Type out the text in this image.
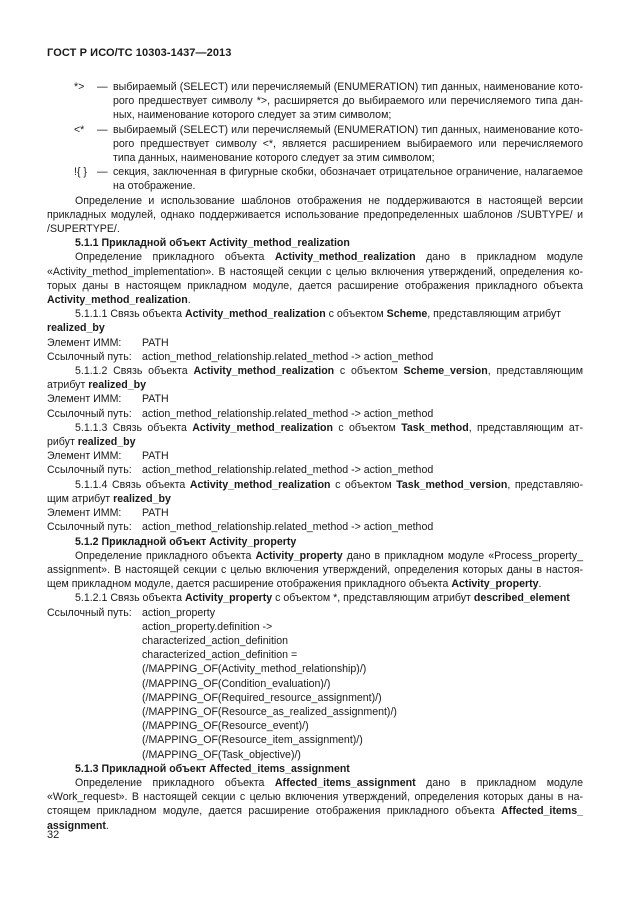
ГОСТ Р ИСО/ТС 10303-1437—2013
*> — выбираемый (SELECT) или перечисляемый (ENUMERATION) тип данных, наименование кото-рого предшествует символу *>, расширяется до выбираемого или перечисляемого типа дан-ных, наименование которого следует за этим символом;
<* — выбираемый (SELECT) или перечисляемый (ENUMERATION) тип данных, наименование кото-рого предшествует символу <*, является расширением выбираемого или перечисляемого типа данных, наименование которого следует за этим символом;
!{ } — секция, заключенная в фигурные скобки, обозначает отрицательное ограничение, налагаемое на отображение.
Определение и использование шаблонов отображения не поддерживаются в настоящей версии прикладных модулей, однако поддерживается использование предопределенных шаблонов /SUBTYPE/ и /SUPERTYPE/.
5.1.1 Прикладной объект Activity_method_realization
Определение прикладного объекта Activity_method_realization дано в прикладном модуле «Activity_method_implementation». В настоящей секции с целью включения утверждений, определения ко-торых даны в настоящем прикладном модуле, дается расширение отображения прикладного объекта Activity_method_realization.
5.1.1.1 Связь объекта Activity_method_realization с объектом Scheme, представляющим атрибут
realized_by
Элемент ИММ: PATH
Ссылочный путь: action_method_relationship.related_method -> action_method
5.1.1.2 Связь объекта Activity_method_realization с объектом Scheme_version, представляющим атрибут realized_by
Элемент ИММ: PATH
Ссылочный путь: action_method_relationship.related_method -> action_method
5.1.1.3 Связь объекта Activity_method_realization с объектом Task_method, представляющим ат- рибут realized_by
Элемент ИММ: PATH
Ссылочный путь: action_method_relationship.related_method -> action_method
5.1.1.4 Связь объекта Activity_method_realization с объектом Task_method_version, представляю- щим атрибут realized_by
Элемент ИММ: PATH
Ссылочный путь: action_method_relationship.related_method -> action_method
5.1.2 Прикладной объект Activity_property
Определение прикладного объекта Activity_property дано в прикладном модуле «Process_property_ assignment». В настоящей секции с целью включения утверждений, определения которых даны в настоя-щем прикладном модуле, дается расширение отображения прикладного объекта Activity_property.
5.1.2.1 Связь объекта Activity_property с объектом *, представляющим атрибут described_element
Ссылочный путь: action_property
action_property.definition ->
characterized_action_definition
characterized_action_definition =
(/MAPPING_OF(Activity_method_relationship)/)
(/MAPPING_OF(Condition_evaluation)/)
(/MAPPING_OF(Required_resource_assignment)/)
(/MAPPING_OF(Resource_as_realized_assignment)/)
(/MAPPING_OF(Resource_event)/)
(/MAPPING_OF(Resource_item_assignment)/)
(/MAPPING_OF(Task_objective)/)
5.1.3 Прикладной объект Affected_items_assignment
Определение прикладного объекта Affected_items_assignment дано в прикладном модуле «Work_request». В настоящей секции с целью включения утверждений, определения которых даны в на-стоящем прикладном модуле, дается расширение отображения прикладного объекта Affected_items_ assignment.
32
